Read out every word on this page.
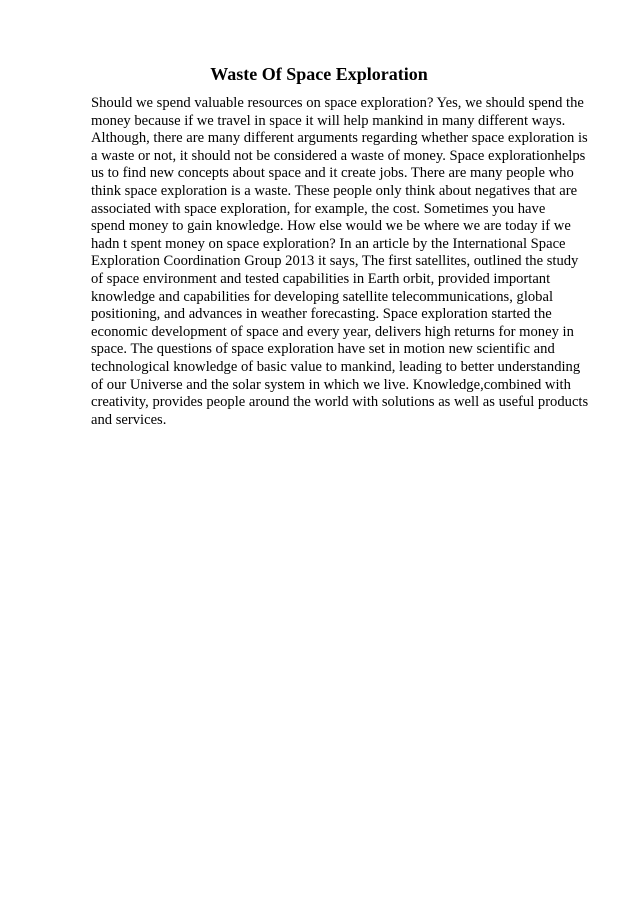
Waste Of Space Exploration
Should we spend valuable resources on space exploration? Yes, we should spend the
money because if we travel in space it will help mankind in many different ways.
Although, there are many different arguments regarding whether space exploration is
a waste or not, it should not be considered a waste of money. Space explorationhelps
us to find new concepts about space and it create jobs. There are many people who
think space exploration is a waste. These people only think about negatives that are
associated with space exploration, for example, the cost. Sometimes you have
spend money to gain knowledge. How else would we be where we are today if we
hadn t spent money on space exploration? In an article by the International Space
Exploration Coordination Group 2013 it says, The first satellites, outlined the study
of space environment and tested capabilities in Earth orbit, provided important
knowledge and capabilities for developing satellite telecommunications, global
positioning, and advances in weather forecasting. Space exploration started the
economic development of space and every year, delivers high returns for money in
space. The questions of space exploration have set in motion new scientific and
technological knowledge of basic value to mankind, leading to better understanding
of our Universe and the solar system in which we live. Knowledge,combined with
creativity, provides people around the world with solutions as well as useful products
and services.
